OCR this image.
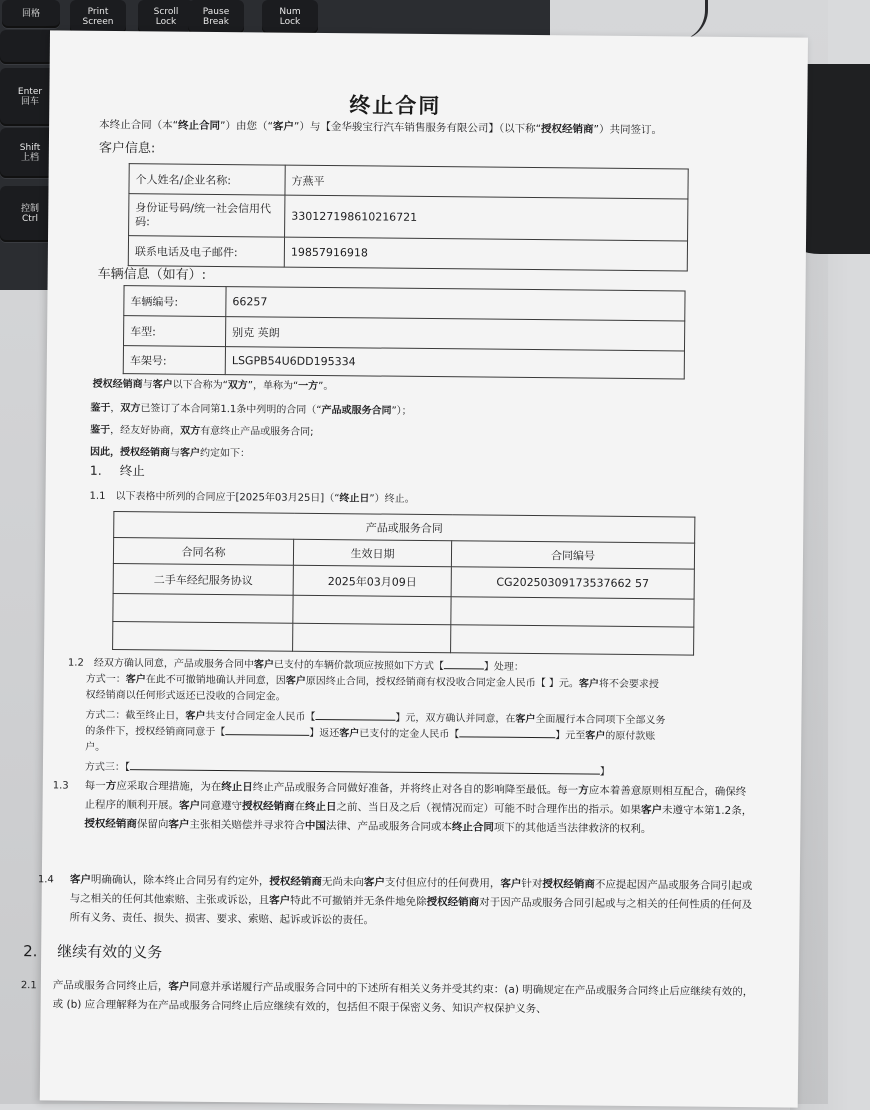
回格	Print
Screen
Scroll
Lock
Pause
Break
Num
Lock
Enter
回车
Shift
上档
控制
Ctrl
终止合同
本终止合同（本“终止合同”）由您（“客户”）与【金华骏宝行汽车销售服务有限公司】（以下称“授权经销商”）共同签订。
客户信息:
个人姓名/企业名称:	方燕平
身份证号码/统一社会信用代码:	330127198610216721
联系电话及电子邮件:	19857916918
车辆信息（如有）:
车辆编号:	66257
车型:	别克 英朗
车架号:	LSGPB54U6DD195334
授权经销商与客户以下合称为“双方”，单称为“一方”。
鉴于，双方已签订了本合同第1.1条中列明的合同（“产品或服务合同”）；
鉴于，经友好协商，双方有意终止产品或服务合同;
因此，授权经销商与客户约定如下：
1. 终止
1.1 以下表格中所列的合同应于[2025年03月25日]（“终止日”）终止。
产品或服务合同		
合同名称	生效日期	合同编号
二手车经纪服务协议	2025年03月09日	CG20250309173537662 57

1.2 经双方确认同意，产品或服务合同中客户已支付的车辆价款项应按照如下方式【	】处理：
方式一：客户在此不可撤销地确认并同意，因客户原因终止合同，授权经销商有权没收合同定金人民币【 】元。客户将不会要求授
权经销商以任何形式返还已没收的合同定金。
方式二：截至终止日，客户共支付合同定金人民币【	】元，双方确认并同意，在客户全面履行本合同项下全部义务
的条件下，授权经销商同意于【	】返还客户已支付的定金人民币【	】元至客户的原付款账
户。
方式三：【	】
1.3 每一方应采取合理措施，为在终止日终止产品或服务合同做好准备，并将终止对各自的影响降至最低。每一方应本着善意原则相互配合，确保终止程序的顺利开展。客户同意遵守授权经销商在终止日之前、当日及之后（视情况而定）可能不时合理作出的指示。如果客户未遵守本第1.2条，授权经销商保留向客户主张相关赔偿并寻求符合中国法律、产品或服务合同或本终止合同项下的其他适当法律救济的权利。
1.4 客户明确确认，除本终止合同另有约定外，授权经销商无尚未向客户支付但应付的任何费用，客户针对授权经销商不应提起因产品或服务合同引起或与之相关的任何其他索赔、主张或诉讼，且客户特此不可撤销并无条件地免除授权经销商对于因产品或服务合同引起或与之相关的任何性质的任何及所有义务、责任、损失、损害、要求、索赔、起诉或诉讼的责任。
2. 继续有效的义务
2.1 产品或服务合同终止后，客户同意并承诺履行产品或服务合同中的下述所有相关义务并受其约束：(a) 明确规定在产品或服务合同终止后应继续有效的，或 (b) 应合理解释为在产品或服务合同终止后应继续有效的，包括但不限于保密义务、知识产权保护义务、
